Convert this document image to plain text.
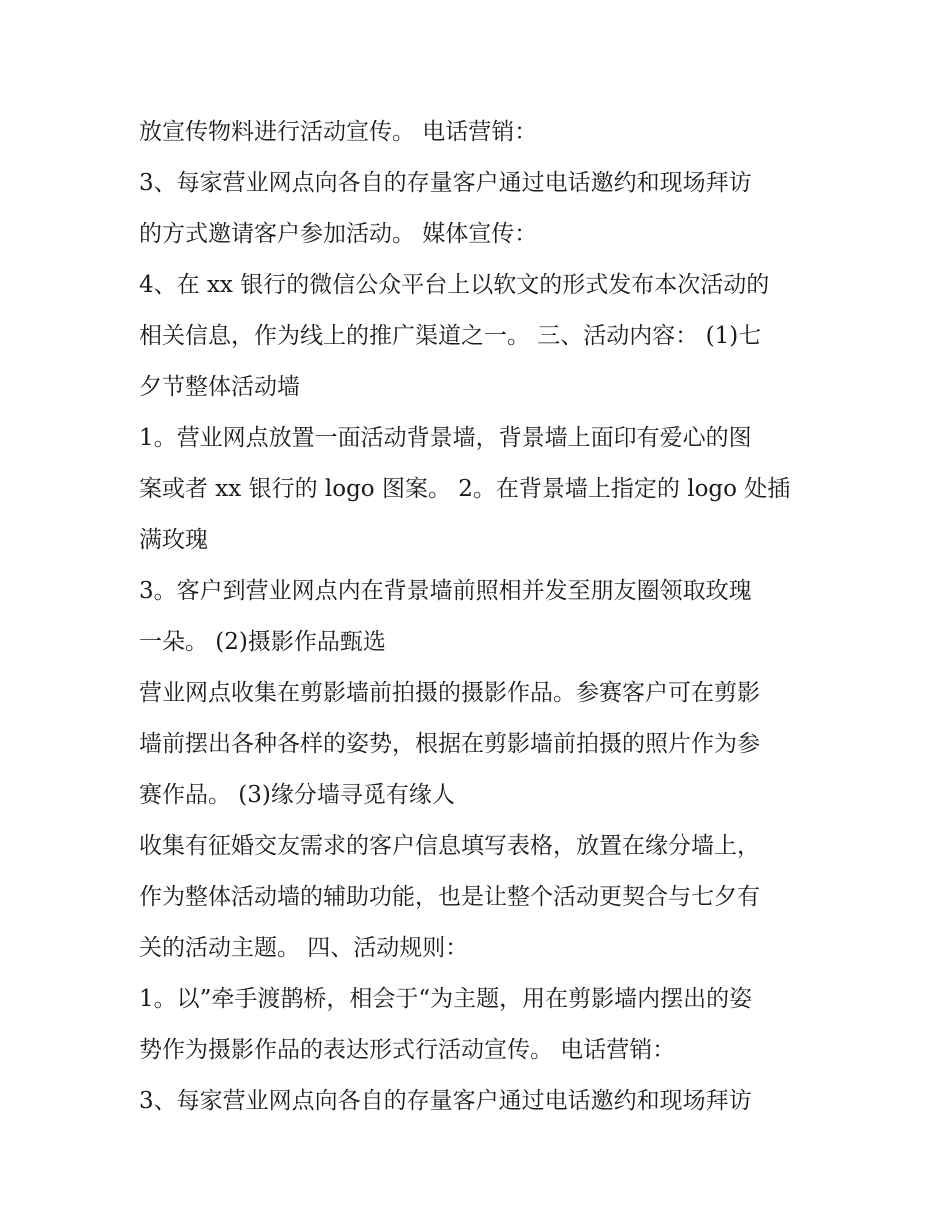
放宣传物料进行活动宣传。 电话营销：
3、每家营业网点向各自的存量客户通过电话邀约和现场拜访
的方式邀请客户参加活动。 媒体宣传：
4、在 xx 银行的微信公众平台上以软文的形式发布本次活动的
相关信息，作为线上的推广渠道之一。 三、活动内容： (1)七
夕节整体活动墙
1。营业网点放置一面活动背景墙，背景墙上面印有爱心的图
案或者 xx 银行的 logo 图案。 2。在背景墙上指定的 logo 处插
满玫瑰
3。客户到营业网点内在背景墙前照相并发至朋友圈领取玫瑰
一朵。 (2)摄影作品甄选
营业网点收集在剪影墙前拍摄的摄影作品。参赛客户可在剪影
墙前摆出各种各样的姿势，根据在剪影墙前拍摄的照片作为参
赛作品。 (3)缘分墙寻觅有缘人
收集有征婚交友需求的客户信息填写表格，放置在缘分墙上，
作为整体活动墙的辅助功能，也是让整个活动更契合与七夕有
关的活动主题。 四、活动规则：
1。以”牵手渡鹊桥，相会于“为主题，用在剪影墙内摆出的姿
势作为摄影作品的表达形式行活动宣传。 电话营销：
3、每家营业网点向各自的存量客户通过电话邀约和现场拜访
